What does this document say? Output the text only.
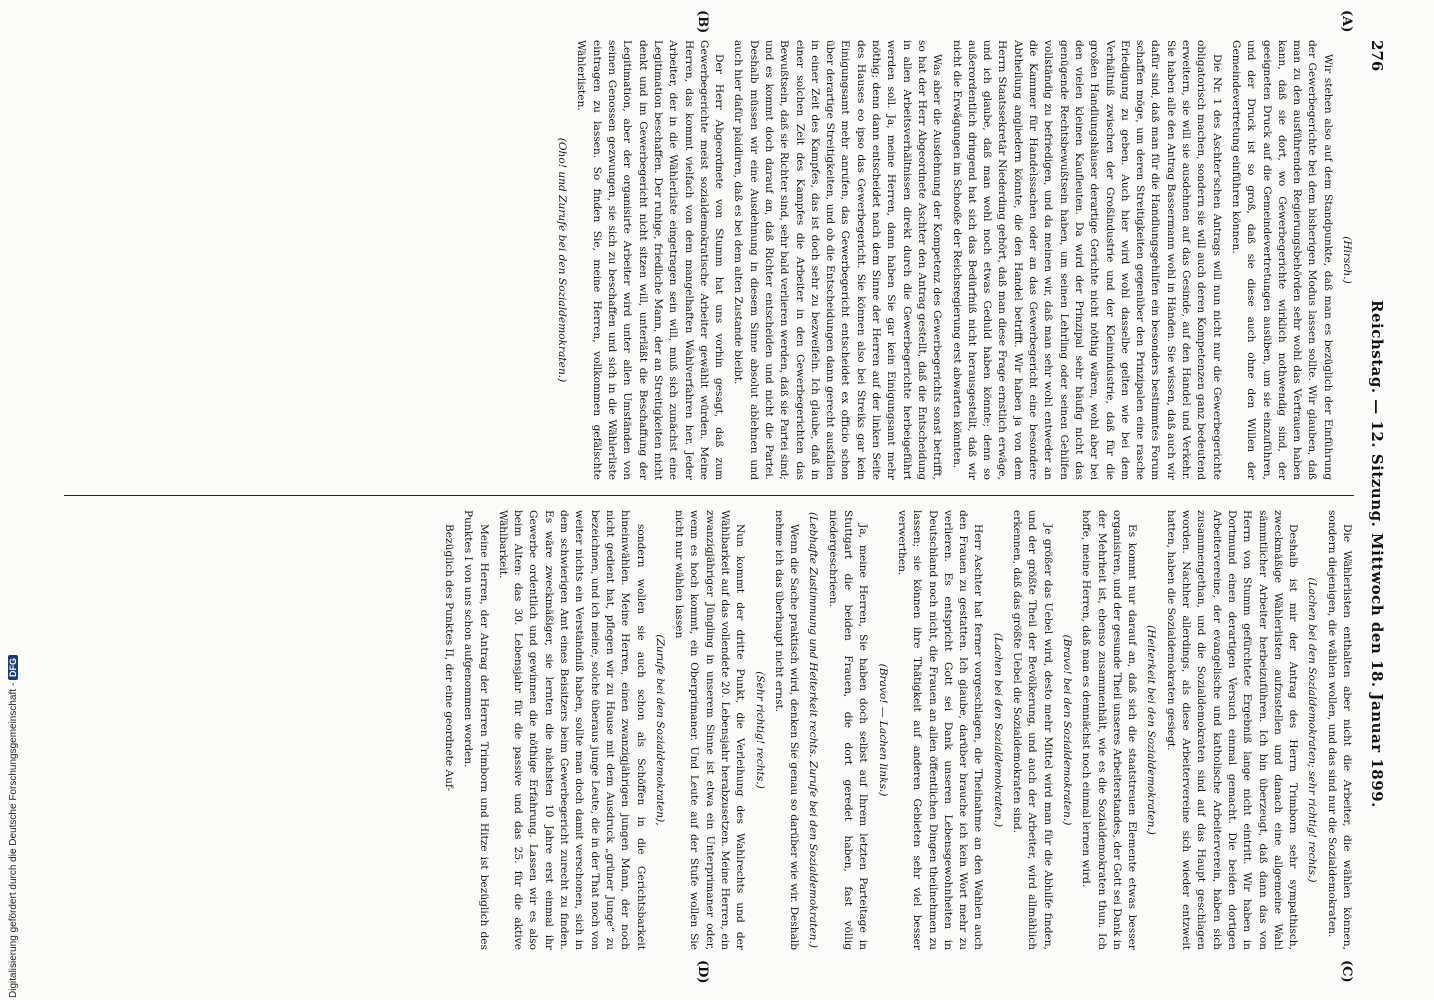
276
Reichstag. — 12. Sitzung. Mittwoch den 18. Januar 1899.
(A)
(B)
(C)
(D)

(Hirsch.)

Wir stehen also auf dem Standpunkte, daß man es bezüglich der Einführung der Gewerbegerichte bei dem bisherigen Modus lassen sollte. Wir glauben, daß man zu den ausführenden Regierungsbehörden sehr wohl das Vertrauen haben kann, daß sie dort, wo Gewerbegerichte wirklich nothwendig sind, der geeigneten Druck auf die Gemeindevertretungen ausüben, um sie einzuführen, und der Druck ist so groß, daß sie diese auch ohne den Willen der Gemeindevertretung einführen können.

Die Nr. 1 des Aschter'schen Antrags will nun nicht nur die Gewerbegerichte obligatorisch machen, sondern sie will auch deren Kompetenzen ganz bedeutend erweitern, sie will sie ausdehnen auf das Gesinde, auf den Handel und Verkehr. Sie haben alle den Antrag Bassermann wohl in Händen. Sie wissen, daß auch wir dafür sind, daß man für die Handlungsgehilfen ein besonders bestimmtes Forum schaffen möge, um deren Streitigkeiten gegenüber den Prinzipalen eine rasche Erledigung zu geben. Auch hier wird wohl dasselbe gelten wie bei dem Verhältniß zwischen der Großindustrie und der Kleinindustrie, daß für die großen Handlungshäuser derartige Gerichte nicht nöthig wären, wohl aber bei den vielen kleinen Kaufleuten. Da wird der Prinzipal sehr häufig nicht das genügende Rechtsbewußtsein haben, um seinen Lehrling oder seinen Gehilfen vollständig zu befriedigen, und da meinen wir, daß man sehr wohl entweder an die Kammer für Handelssachen oder an das Gewerbegericht eine besondere Abtheilung angliedern könnte, die den Handel betrifft. Wir haben ja von dem Herrn Staatssekretär Niederding gehört, daß man diese Frage ernstlich erwäge, und ich glaube, daß man wohl noch etwas Geduld haben könnte; denn so außerordentlich dringend hat sich das Bedürfniß nicht herausgestellt, daß wir nicht die Erwägungen im Schooße der Reichsregierung erst abwarten könnten.

Was aber die Ausdehnung der Kompetenz des Gewerbegerichts sonst betrifft, so hat der Herr Abgeordnete Aschter den Antrag gestellt, daß die Entscheidung in allen Arbeitsverhältnissen direkt durch die Gewerbegerichte herbeigeführt werden soll. Ja, meine Herren, dann haben Sie gar kein Einigungsamt mehr nöthig; denn dann entscheidet nach dem Sinne der Herren auf der linken Seite des Hauses eo ipso das Gewerbegericht. Sie können also bei Streiks gar kein Einigungsamt mehr anrufen, das Gewerbegericht entscheidet ex officio schon über derartige Streitigkeiten, und ob die Entscheidungen dann gerecht ausfallen in einer Zeit des Kampfes, das ist doch sehr zu bezweifeln. Ich glaube, daß in einer solchen Zeit des Kampfes die Arbeiter in den Gewerbegerichten das Bewußtsein, daß sie Richter sind, sehr bald verlieren werden, daß sie Partei sind; und es kommt doch darauf an, daß Richter entscheiden und nicht die Partei. Deshalb müssen wir eine Ausdehnung in diesem Sinne absolut ablehnen und auch hier dafür plaidiren, daß es bei dem alten Zustande bleibt.

Der Herr Abgeordnete von Stumm hat uns vorhin gesagt, daß zum Gewerbegerichte meist sozialdemokratische Arbeiter gewählt würden. Meine Herren, das kommt vielfach von dem mangelhaften Wahlverfahren her. Jeder Arbeiter, der in die Wählerliste eingetragen sein will, muß sich zunächst eine Legitimation beschaffen. Der ruhige, friedliche Mann, der an Streitigkeiten nicht denkt und im Gewerbegericht nicht sitzen will, unterläßt die Beschaffung der Legitimation, aber der organisirte Arbeiter wird unter allen Umständen von seinen Genossen gezwungen, sie sich zu beschaffen und sich in die Wählerliste eintragen zu lassen. So finden Sie, meine Herren, vollkommen gefälschte Wählerlisten.

(Oho! und Zurufe bei den Sozialdemokraten.)

Die Wählerlisten enthalten aber nicht die Arbeiter, die wählen können, sondern diejenigen, die wählen wollen, und das sind nur die Sozialdemokraten.

(Lachen bei den Sozialdemokraten; sehr richtig! rechts.)

Deshalb ist mir der Antrag des Herrn Trimborn sehr sympathisch, zweckmäßige Wählerlisten aufzustellen und danach eine allgemeine Wahl sämmtlicher Arbeiter herbeizuführen. Ich bin überzeugt, daß dann das von Herrn von Stumm gefürchtete Ergebniß lange nicht eintritt. Wir haben in Dortmund einen derartigen Versuch einmal gemacht. Die beiden dortigen Arbeitervereine, der evangelische und katholische Arbeiterverein, haben sich zusammengethan, und die Sozialdemokraten sind auf das Haupt geschlagen worden. Nachher allerdings, als diese Arbeitervereine sich wieder entzweit hatten, haben die Sozialdemokraten gesiegt.

(Heiterkeit bei den Sozialdemokraten.)

Es kommt nur darauf an, daß sich die staatstreuen Elemente etwas besser organisiren, und der gesunde Theil unseres Arbeiterstandes, der Gott sei Dank in der Mehrheit ist, ebenso zusammenhält, wie es die Sozialdemokraten thun. Ich hoffe, meine Herren, daß man es demnächst noch einmal lernen wird.

(Bravo! bei den Sozialdemokraten.)

Je größer das Uebel wird, desto mehr Mittel wird man für die Abhilfe finden, und der größte Theil der Bevölkerung, und auch der Arbeiter, wird allmählich erkennen, daß das größte Uebel die Sozialdemokraten sind.

(Lachen bei den Sozialdemokraten.)

Herr Aschter hat ferner vorgeschlagen, die Theilnahme an den Wahlen auch den Frauen zu gestatten. Ich glaube, darüber brauche ich kein Wort mehr zu verlieren. Es entspricht Gott sei Dank unseren Lebensgewohnheiten in Deutschland noch nicht, die Frauen an allen öffentlichen Dingen theilnehmen zu lassen; sie können ihre Thätigkeit auf anderen Gebieten sehr viel besser verwerthen.

(Bravo! — Lachen links.)

Ja, meine Herren, Sie haben doch selbst auf Ihrem letzten Parteitage in Stuttgart die beiden Frauen, die dort geredet haben, fast völlig niedergeschrieen.

(Lebhafte Zustimmung und Heiterkeit rechts. Zurufe bei den Sozialdemokraten.)

Wenn die Sache praktisch wird, denken Sie genau so darüber wie wir. Deshalb nehme ich das überhaupt nicht ernst.

(Sehr richtig! rechts.)

Nun kommt der dritte Punkt, die Verleihung des Wahlrechts und der Wählbarkeit auf das vollendete 20. Lebensjahr herabzusetzen. Meine Herren, ein zwanzigjähriger Jüngling in unserem Sinne ist etwa ein Unterprimaner oder, wenn es hoch kommt, ein Oberprimaner. Und Leute auf der Stufe wollen Sie nicht nur wählen lassen

(Zurufe bei den Sozialdemokraten),

sondern wollen sie auch schon als Schöffen in die Gerichtsbarkeit hineinwählen. Meine Herren, einen zwanzigjährigen jungen Mann, der noch nicht gedient hat, pflegen wir zu Hause mit dem Ausdruck „grüner Junge“ zu bezeichnen, und ich meine, solche überaus junge Leute, die in der That noch von weiter nichts ein Verständniß haben, sollte man doch damit verschonen, sich in dem schwierigen Amt eines Beisitzers beim Gewerbegericht zurecht zu finden. Es wäre zweckmäßiger, sie lernten die nächsten 10 Jahre erst einmal ihr Gewerbe ordentlich und gewinnen die nöthige Erfahrung. Lassen wir es also beim Alten: das 30. Lebensjahr für die passive und das 25. für die aktive Wählbarkeit.

Meine Herren, der Antrag der Herren Trimborn und Hitze ist bezüglich des Punktes I von uns schon aufgenommen worden.

Bezüglich des Punktes II, der eine geordnete Auf-

Digitalisierung gefördert durch die Deutsche Forschungsgemeinschaft - DFG
